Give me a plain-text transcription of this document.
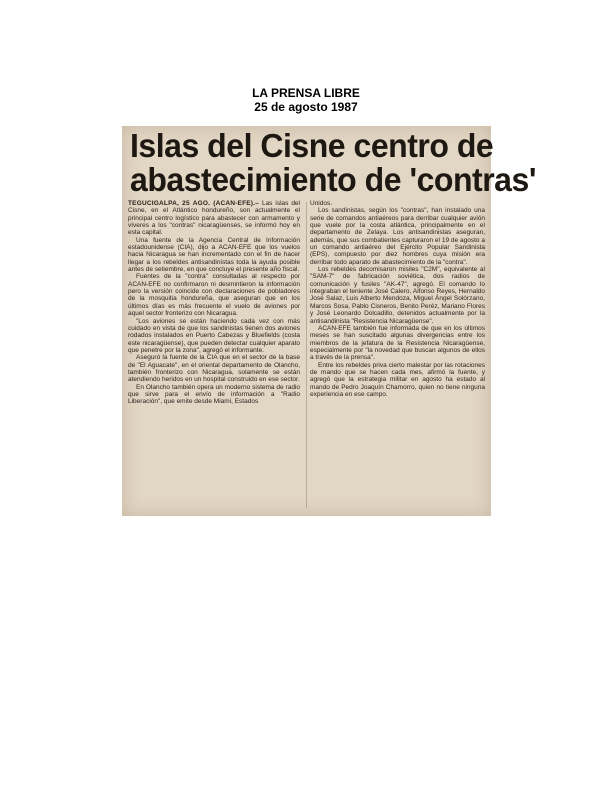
LA PRENSA LIBRE
25 de agosto 1987
Islas del Cisne centro de
abastecimiento de 'contras'

TEGUCIGALPA, 25 AGO. (ACAN-EFE).– Las islas del Cisne, en el Atlántico hondureño, son actualmente el principal centro logístico para abastecer con armamento y víveres a los "contras" nicaragüenses, se informó hoy en esta capital.

Una fuente de la Agencia Central de Información estadounidense (CIA), dijo a ACAN-EFE que los vuelos hacia Nicaragua se han incrementado con el fin de hacer llegar a los rebeldes antisandinistas toda la ayuda posible antes de setiembre, en que concluye el presente año fiscal.

Fuentes de la "contra" consultadas al respecto por ACAN-EFE no confirmaron ni desmintieron la información pero la versión coincide con declaraciones de pobladores de la mosquitia hondureña, que aseguran que en los últimos días es más frecuente el vuelo de aviones por aquel sector fronterizo con Nicaragua.

"Los aviones se están haciendo cada vez con más cuidado en vista de que los sandinistas tienen dos aviones rodados instalados en Puerto Cabezas y Bluefields (costa este nicaragüense), que pueden detectar cualquier aparato que penetre por la zona", agregó el informante.

Aseguró la fuente de la CIA que en el sector de la base de "El Aguacate", en el oriental departamento de Olancho, también fronterizo con Nicaragua, solamente se están atendiendo heridos en un hospital construido en ese sector.

En Olancho también opera un moderno sistema de radio que sirve para el envío de información a "Radio Liberación", que emite desde Miami, Estados

Unidos.

Los sandinistas, según los "contras", han instalado una serie de comandos antiaéreos para derribar cualquier avión que vuele por la costa atlántica, principalmente en el departamento de Zelaya. Los antisandinistas aseguran, además, que sus combatientes capturaron el 19 de agosto a un comando antiaéreo del Ejército Popular Sandinista (EPS), compuesto por diez hombres cuya misión era derribar todo aparato de abastecimiento de la "contra".

Los rebeldes decomisaron misiles "C2M", equivalente al "SAM-7" de fabricación soviética, dos radios de comunicación y fusiles "AK-47", agregó. El comando lo integraban el teniente José Calero, Alfonso Reyes, Hernaldo José Salaz, Luis Alberto Mendoza, Miguel Ángel Solórzano, Marcos Sosa, Pablo Cisneros, Benito Peréz, Mariano Flores y José Leonardo Dolcadillo, detenidos actualmente por la antisandinista "Resistencia Nicaragüense".

ACAN-EFE también fue informada de que en los últimos meses se han suscitado algunas divergencias entre los miembros de la jefatura de la Resistencia Nicaragüense, especialmente por "la novedad que buscan algunos de ellos a través de la prensa".

Entre los rebeldes priva cierto malestar por las rotaciones de mando que se hacen cada mes, afirmó la fuente, y agregó que la estrategia militar en agosto ha estado al mando de Pedro Joaquín Chamorro, quien no tiene ninguna experiencia en ese campo.
